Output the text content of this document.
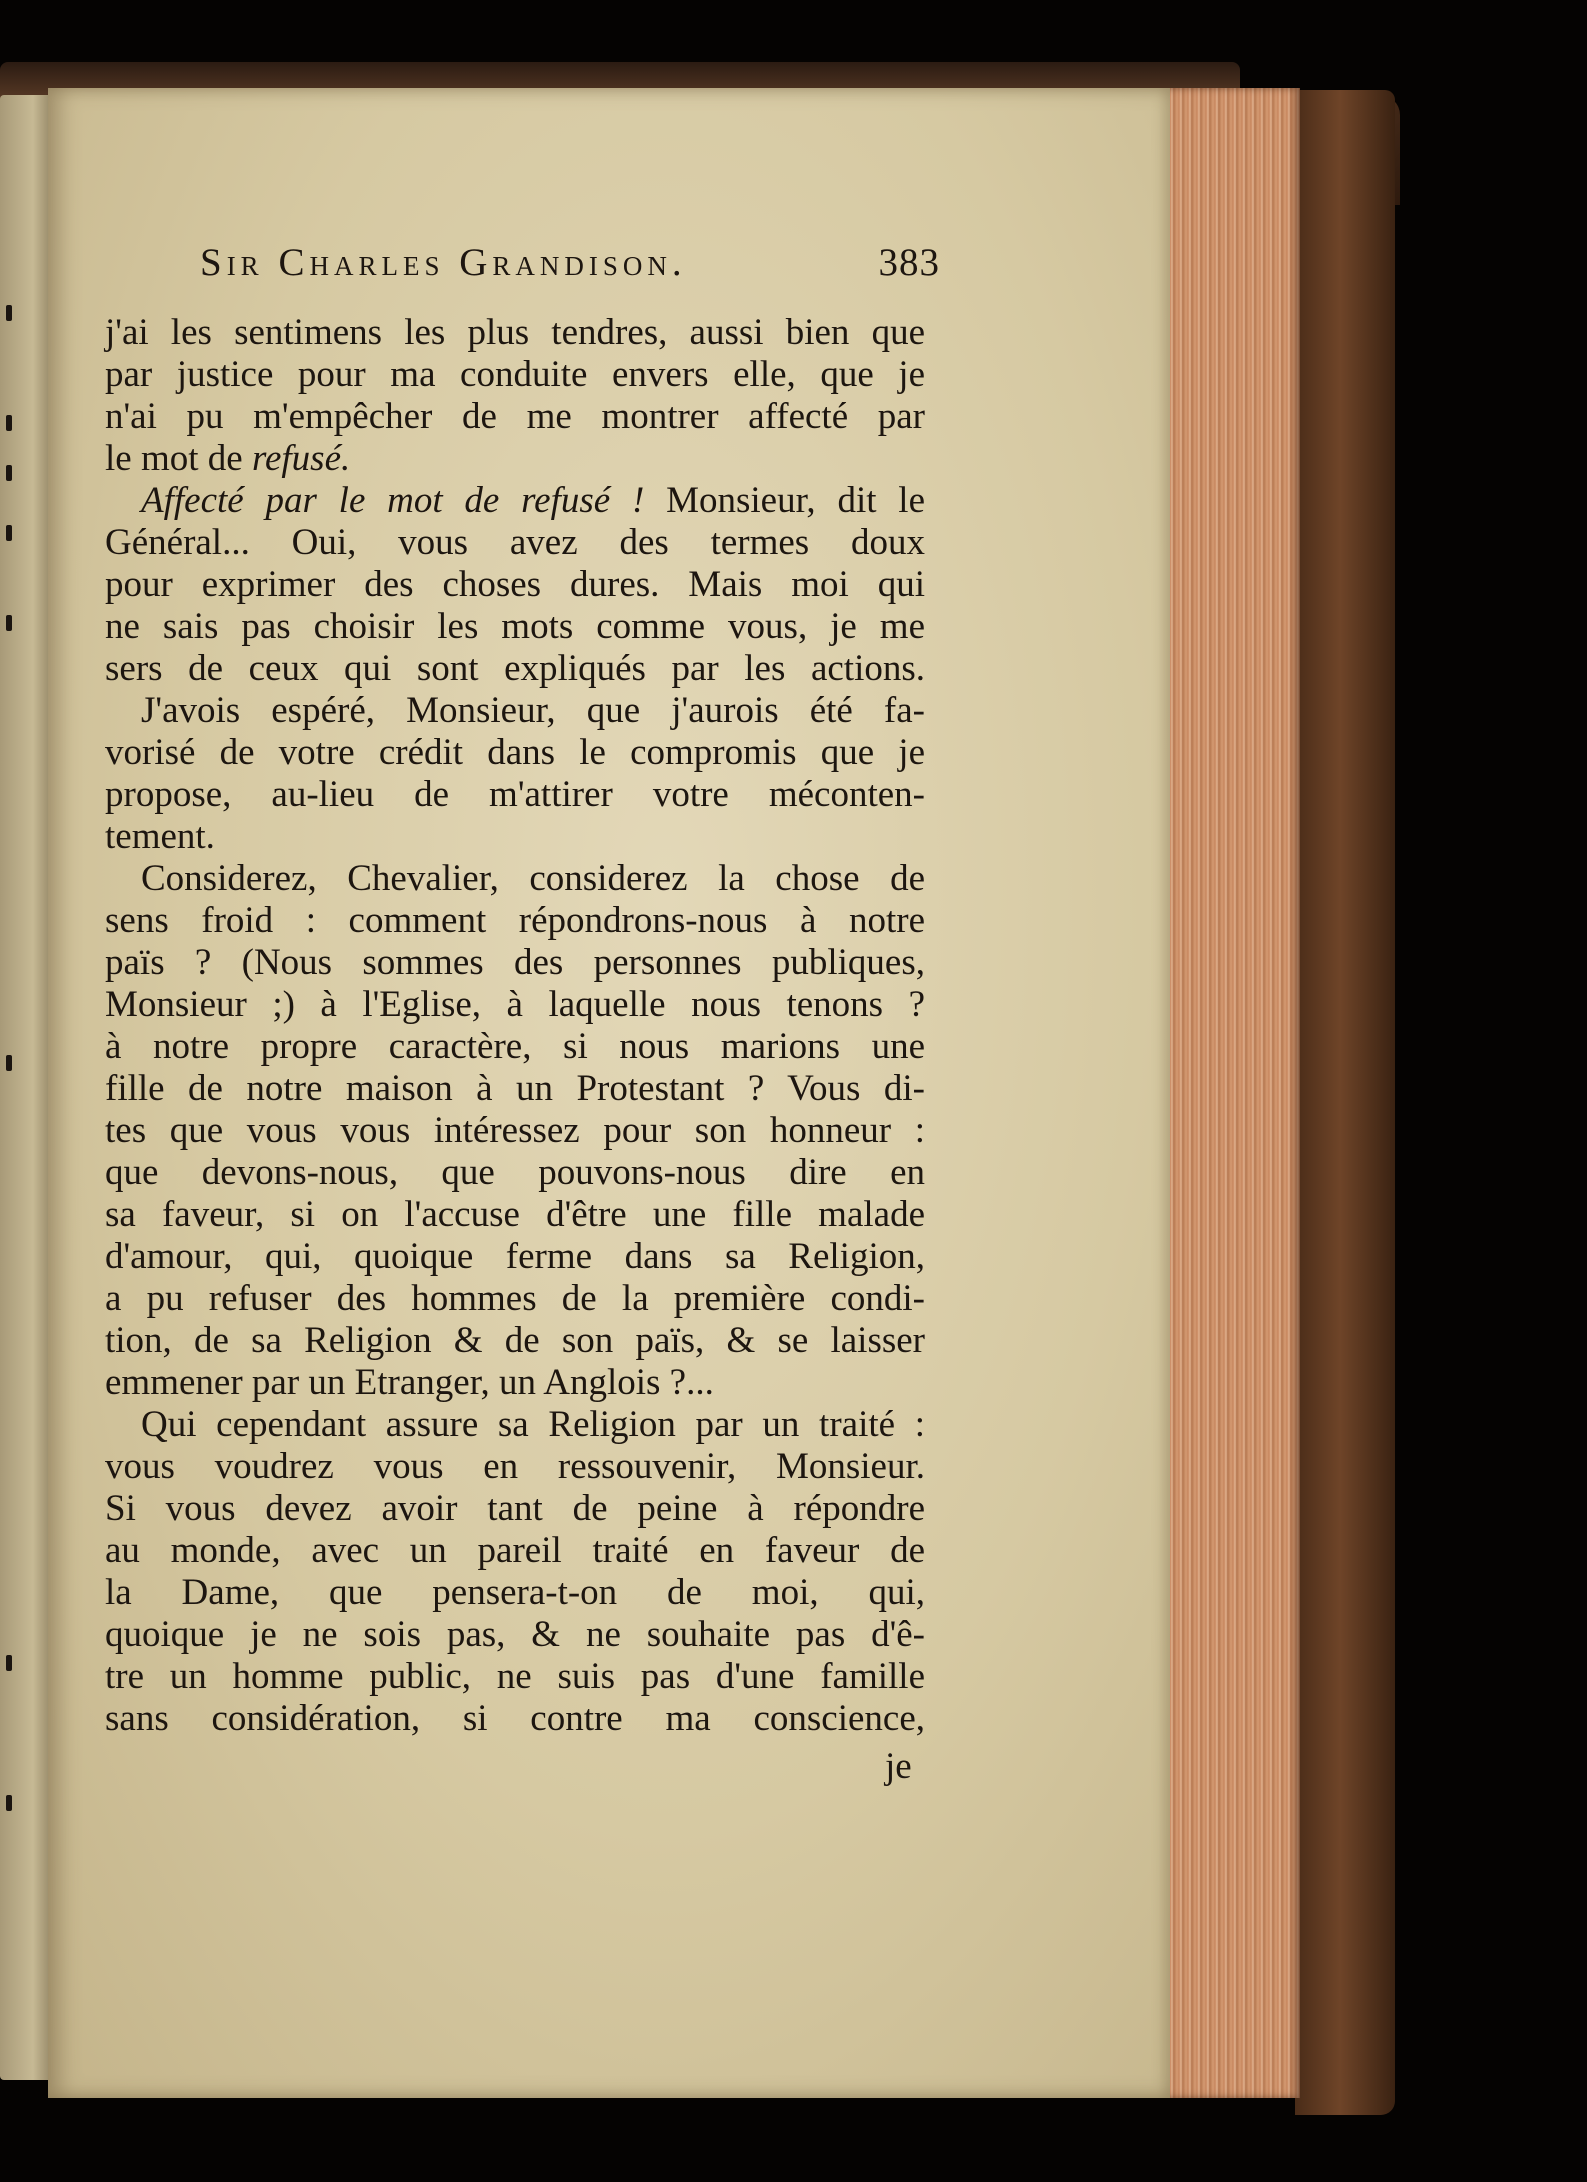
Sir Charles Grandison.	383
j'ai les sentimens les plus tendres, aussi bien que
par justice pour ma conduite envers elle, que je
n'ai pu m'empêcher de me montrer affecté par
le mot de refusé.
Affecté par le mot de refusé ! Monsieur, dit le
Général... Oui, vous avez des termes doux
pour exprimer des choses dures. Mais moi qui
ne sais pas choisir les mots comme vous, je me
sers de ceux qui sont expliqués par les actions.
J'avois espéré, Monsieur, que j'aurois été fa-
vorisé de votre crédit dans le compromis que je
propose, au-lieu de m'attirer votre méconten-
tement.
Considerez, Chevalier, considerez la chose de
sens froid : comment répondrons-nous à notre
païs ? (Nous sommes des personnes publiques,
Monsieur ;) à l'Eglise, à laquelle nous tenons ?
à notre propre caractère, si nous marions une
fille de notre maison à un Protestant ? Vous di-
tes que vous vous intéressez pour son honneur :
que devons-nous, que pouvons-nous dire en
sa faveur, si on l'accuse d'être une fille malade
d'amour, qui, quoique ferme dans sa Religion,
a pu refuser des hommes de la première condi-
tion, de sa Religion & de son païs, & se laisser
emmener par un Etranger, un Anglois ?...
Qui cependant assure sa Religion par un traité :
vous voudrez vous en ressouvenir, Monsieur.
Si vous devez avoir tant de peine à répondre
au monde, avec un pareil traité en faveur de
la Dame, que pensera-t-on de moi, qui,
quoique je ne sois pas, & ne souhaite pas d'ê-
tre un homme public, ne suis pas d'une famille
sans considération, si contre ma conscience,
je
